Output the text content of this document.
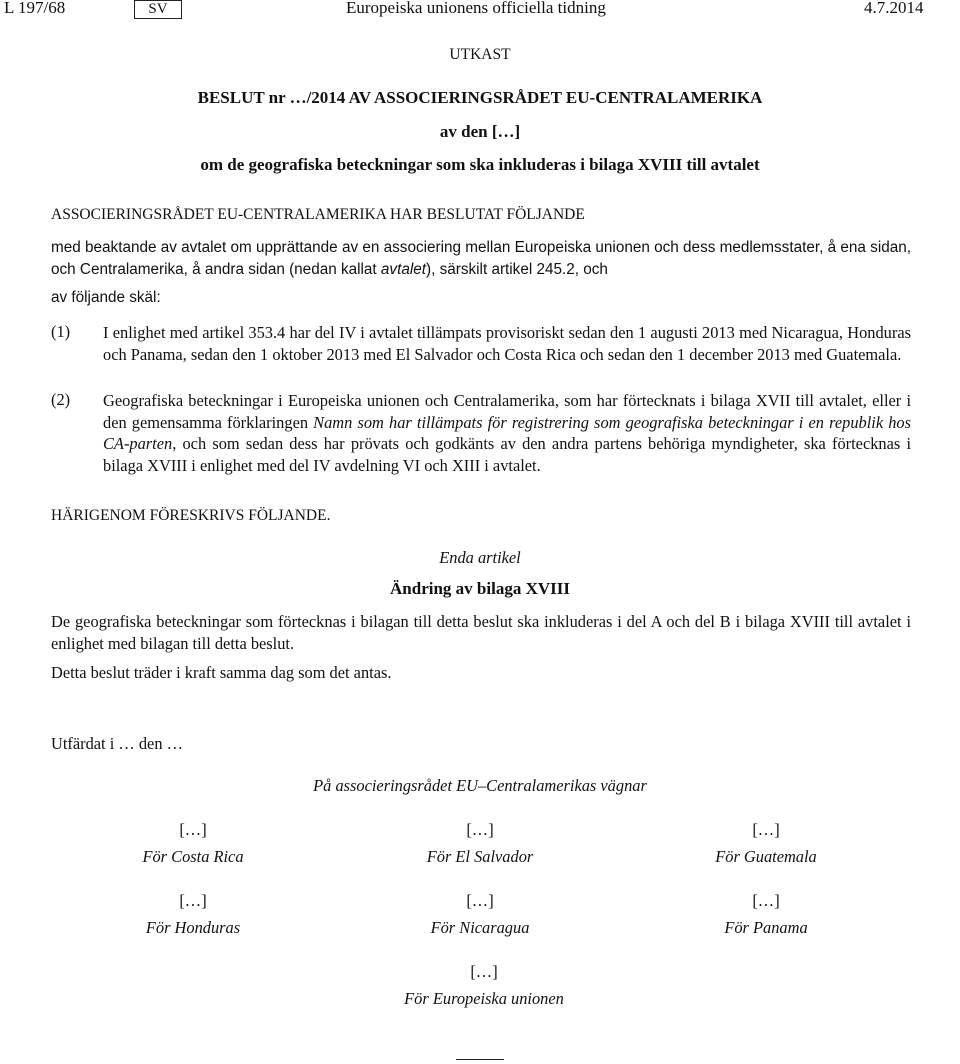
L 197/68	SV	Europeiska unionens officiella tidning	4.7.2014
UTKAST
BESLUT nr …/2014 AV ASSOCIERINGSRÅDET EU-CENTRALAMERIKA
av den […]
om de geografiska beteckningar som ska inkluderas i bilaga XVIII till avtalet
ASSOCIERINGSRÅDET EU-CENTRALAMERIKA HAR BESLUTAT FÖLJANDE
med beaktande av avtalet om upprättande av en associering mellan Europeiska unionen och dess medlemsstater, å ena sidan, och Centralamerika, å andra sidan (nedan kallat avtalet), särskilt artikel 245.2, och
av följande skäl:
(1) I enlighet med artikel 353.4 har del IV i avtalet tillämpats provisoriskt sedan den 1 augusti 2013 med Nicaragua, Honduras och Panama, sedan den 1 oktober 2013 med El Salvador och Costa Rica och sedan den 1 december 2013 med Guatemala.
(2) Geografiska beteckningar i Europeiska unionen och Centralamerika, som har förtecknats i bilaga XVII till avtalet, eller i den gemensamma förklaringen Namn som har tillämpats för registrering som geografiska beteckningar i en republik hos CA-parten, och som sedan dess har prövats och godkänts av den andra partens behöriga myndigheter, ska förtecknas i bilaga XVIII i enlighet med del IV avdelning VI och XIII i avtalet.
HÄRIGENOM FÖRESKRIVS FÖLJANDE.
Enda artikel
Ändring av bilaga XVIII
De geografiska beteckningar som förtecknas i bilagan till detta beslut ska inkluderas i del A och del B i bilaga XVIII till avtalet i enlighet med bilagan till detta beslut.
Detta beslut träder i kraft samma dag som det antas.
Utfärdat i … den …
På associeringsrådet EU–Centralamerikas vägnar
[…]
För Costa Rica
[…]
För El Salvador
[…]
För Guatemala
[…]
För Honduras
[…]
För Nicaragua
[…]
För Panama
[…]
För Europeiska unionen
